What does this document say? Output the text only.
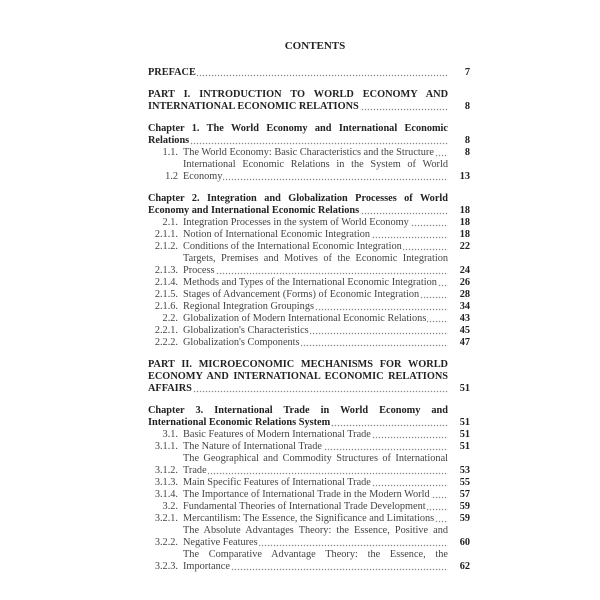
CONTENTS
PREFACE	7
PART I. INTRODUCTION TO WORLD ECONOMY AND INTERNATIONAL ECONOMIC RELATIONS	8
Chapter 1. The World Economy and International Economic Relations	8
1.1. The World Economy: Basic Characteristics and the Structure	8
1.2
International Economic Relations in the System of World Economy	13
Chapter 2. Integration and Globalization Processes of World Economy and International Economic Relations	18
2.1. Integration Processes in the system of World Economy	18
2.1.1. Notion of International Economic Integration	18
2.1.2. Conditions of the International Economic Integration	22
2.1.3.
Targets, Premises and Motives of the Economic Integration Process	24
2.1.4. Methods and Types of the International Economic Integration	26
2.1.5. Stages of Advancement (Forms) of Economic Integration	28
2.1.6. Regional Integration Groupings	34
2.2. Globalization of Modern International Economic Relations	43
2.2.1. Globalization's Characteristics	45
2.2.2. Globalization's Components	47
PART II. MICROECONOMIC MECHANISMS FOR WORLD ECONOMY AND INTERNATIONAL ECONOMIC RELATIONS AFFAIRS	51
Chapter 3. International Trade in World Economy and International Economic Relations System	51
3.1. Basic Features of Modern International Trade	51
3.1.1. The Nature of International Trade	51
3.1.2.
The Geographical and Commodity Structures of International Trade	53
3.1.3. Main Specific Features of International Trade	55
3.1.4. The Importance of International Trade in the Modern World	57
3.2. Fundamental Theories of International Trade Development	59
3.2.1. Mercantilism: The Essence, the Significance and Limitations	59
3.2.2.
The Absolute Advantages Theory: the Essence, Positive and Negative Features	60
3.2.3.
The Comparative Advantage Theory: the Essence, the Importance	62
